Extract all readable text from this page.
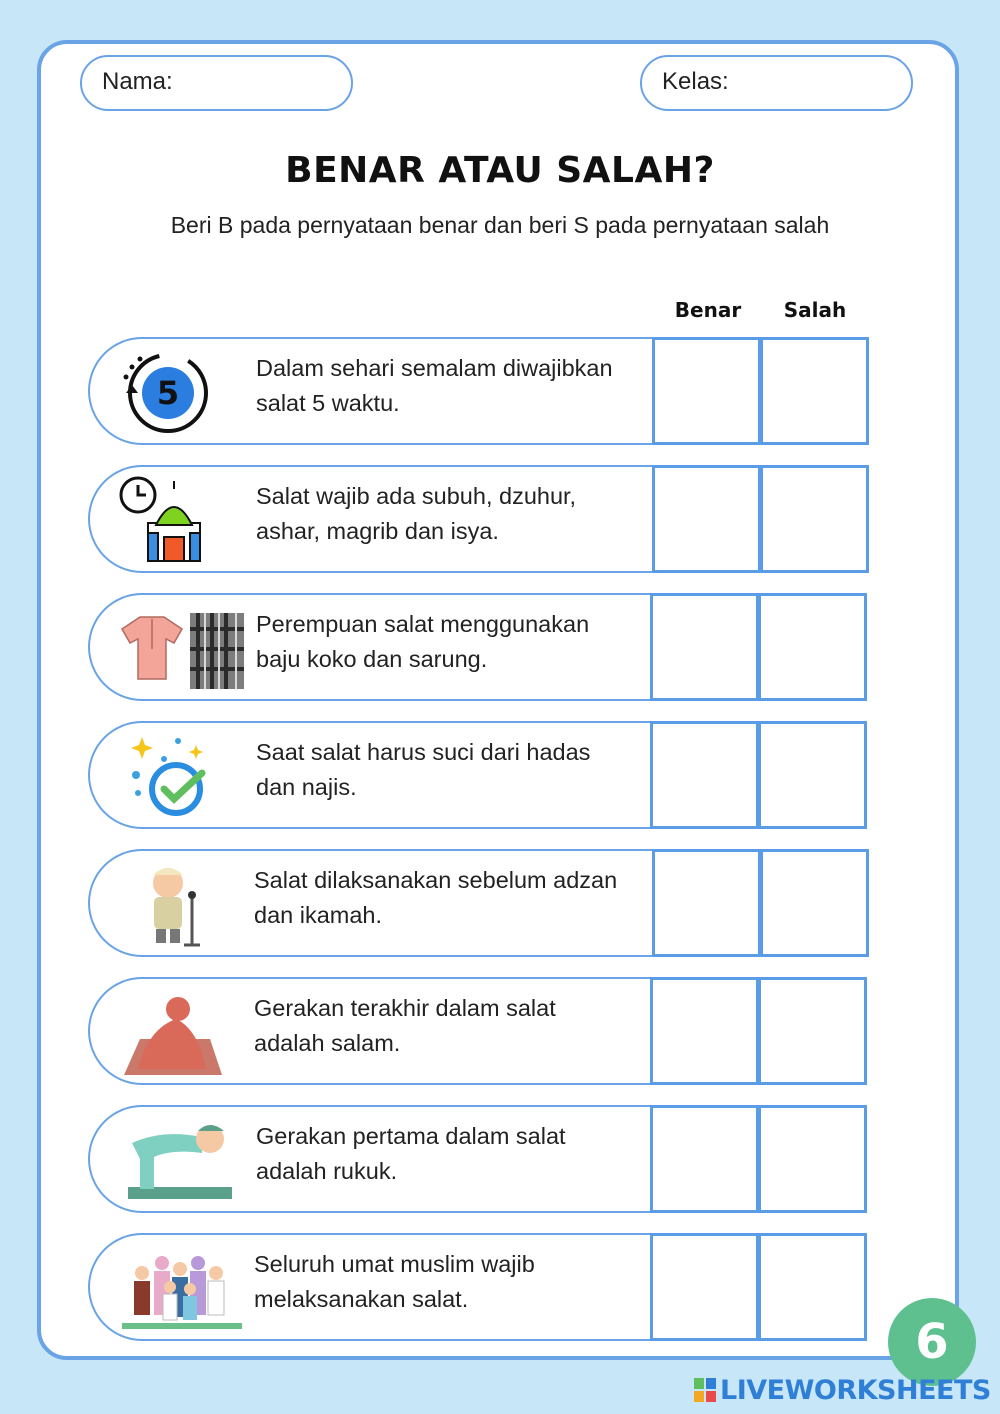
Nama:	Kelas:
BENAR ATAU SALAH?
Beri B pada pernyataan benar dan beri S pada pernyataan salah
Benar	Salah
5
Dalam sehari semalam diwajibkan
salat 5 waktu.
Salat wajib ada subuh, dzuhur,
ashar, magrib dan isya.
Perempuan salat menggunakan
baju koko dan sarung.
Saat salat harus suci dari hadas
dan najis.
Salat dilaksanakan sebelum adzan
dan ikamah.
Gerakan terakhir dalam salat
adalah salam.
Gerakan pertama dalam salat
adalah rukuk.
Seluruh umat muslim wajib
melaksanakan salat.
6
LIVEWORKSHEETS
